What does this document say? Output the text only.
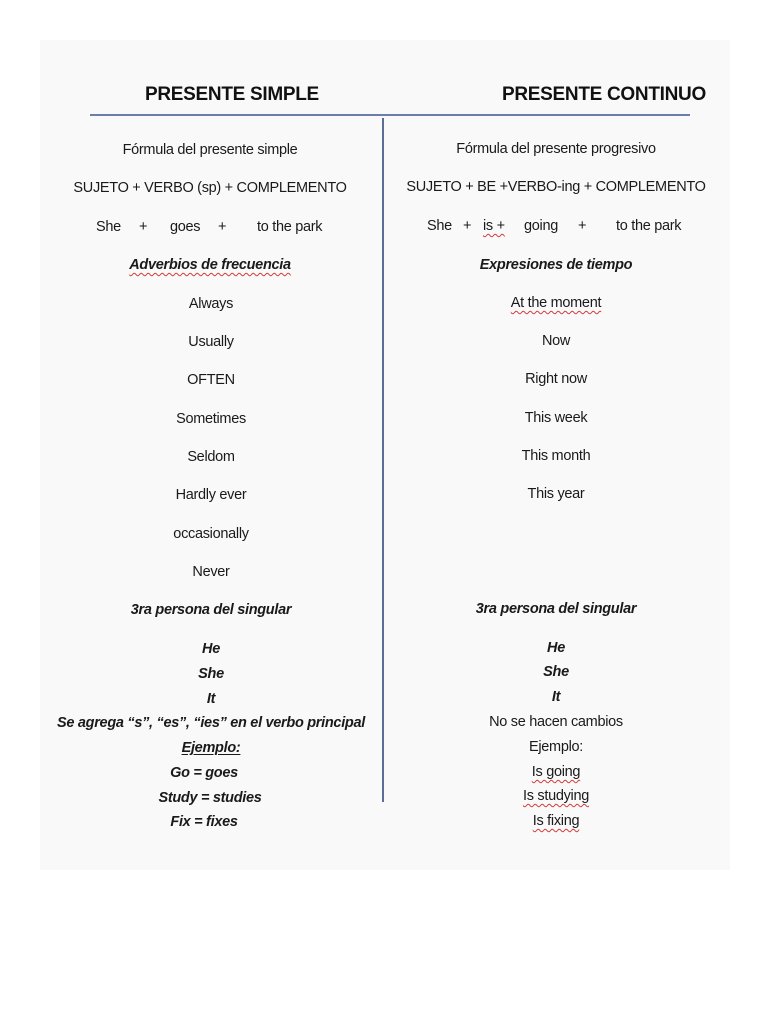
PRESENTE SIMPLE	PRESENTE CONTINUO
Fórmula del presente simple
SUJETO + VERBO (sp) + COMPLEMENTO
She + goes + to the park
Adverbios de frecuencia
Always
Usually
OFTEN
Sometimes
Seldom
Hardly ever
occasionally
Never
3ra persona del singular
He
She
It
Se agrega “s”, “es”, “ies” en el verbo principal
Ejemplo:
Go = goes
Study = studies
Fix = fixes
Fórmula del presente progresivo
SUJETO + BE +VERBO-ing + COMPLEMENTO
She + is + going + to the park
Expresiones de tiempo
At the moment
Now
Right now
This week
This month
This year
3ra persona del singular
He
She
It
No se hacen cambios
Ejemplo:
Is going
Is studying
Is fixing
